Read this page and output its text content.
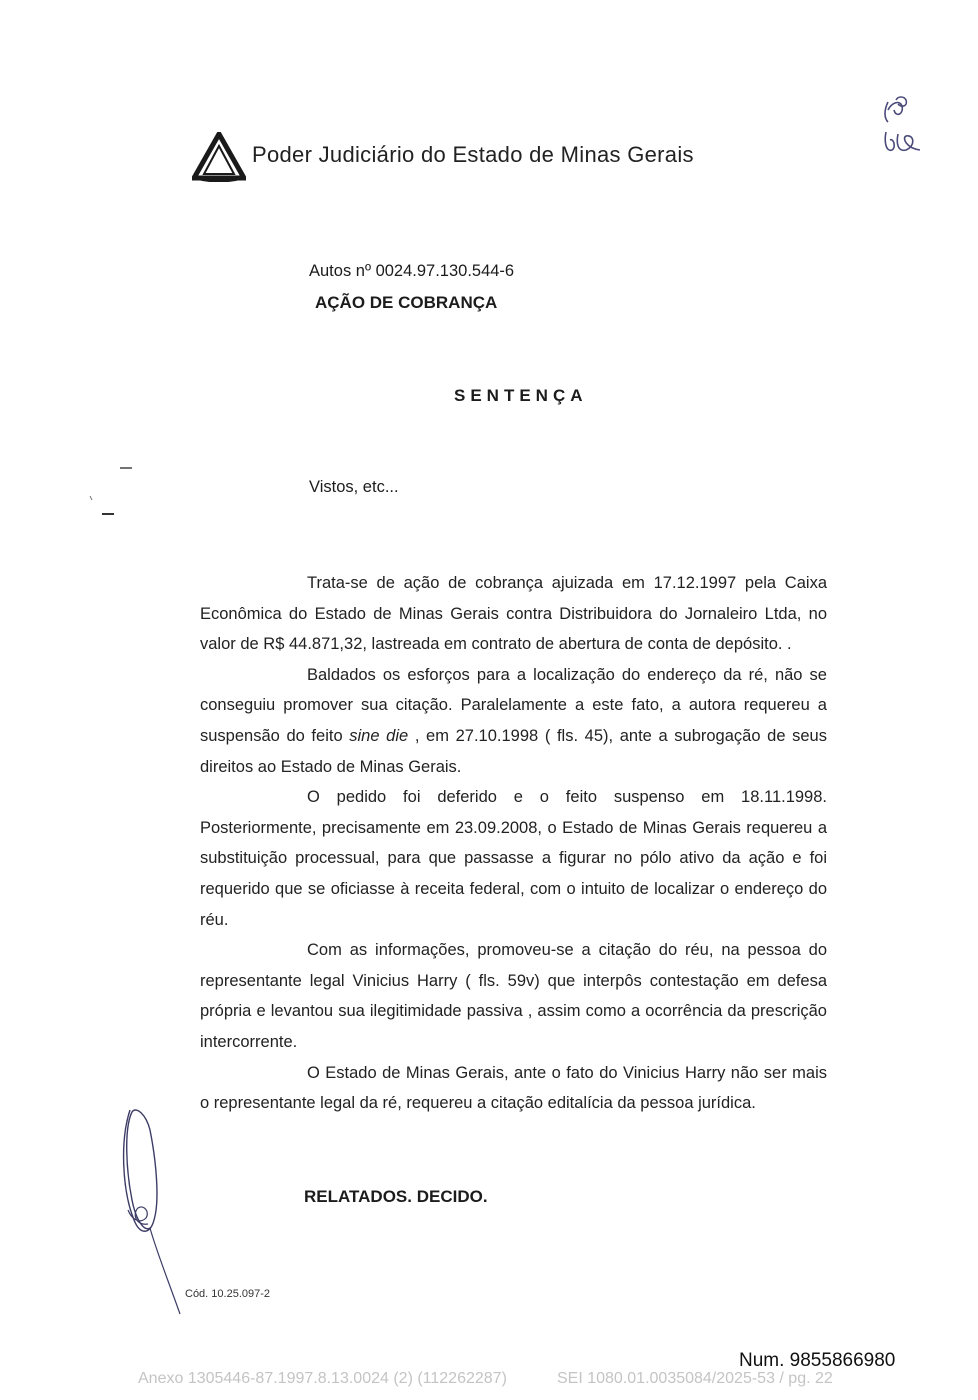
Poder Judiciário do Estado de Minas Gerais
Autos nº 0024.97.130.544-6
AÇÃO DE COBRANÇA
SENTENÇA
Vistos, etc...

Trata-se de ação de cobrança ajuizada em 17.12.1997 pela Caixa Econômica do Estado de Minas Gerais contra Distribuidora do Jornaleiro Ltda, no valor de R$ 44.871,32, lastreada em contrato de abertura de conta de depósito. .

Baldados os esforços para a localização do endereço da ré, não se conseguiu promover sua citação. Paralelamente a este fato, a autora requereu a suspensão do feito sine die , em 27.10.1998 ( fls. 45), ante a subrogação de seus direitos ao Estado de Minas Gerais.

O pedido foi deferido e o feito suspenso em 18.11.1998. Posteriormente, precisamente em 23.09.2008, o Estado de Minas Gerais requereu a substituição processual, para que passasse a figurar no pólo ativo da ação e foi requerido que se oficiasse à receita federal, com o intuito de localizar o endereço do réu.

Com as informações, promoveu-se a citação do réu, na pessoa do representante legal Vinicius Harry ( fls. 59v) que interpôs contestação em defesa própria e levantou sua ilegitimidade passiva , assim como a ocorrência da prescrição intercorrente.

O Estado de Minas Gerais, ante o fato do Vinicius Harry não ser mais o representante legal da ré, requereu a citação editalícia da pessoa jurídica.

RELATADOS. DECIDO.
Cód. 10.25.097-2
Num. 9855866980
Anexo 1305446-87.1997.8.13.0024 (2) (112262287)	SEI 1080.01.0035084/2025-53 / pg. 22
